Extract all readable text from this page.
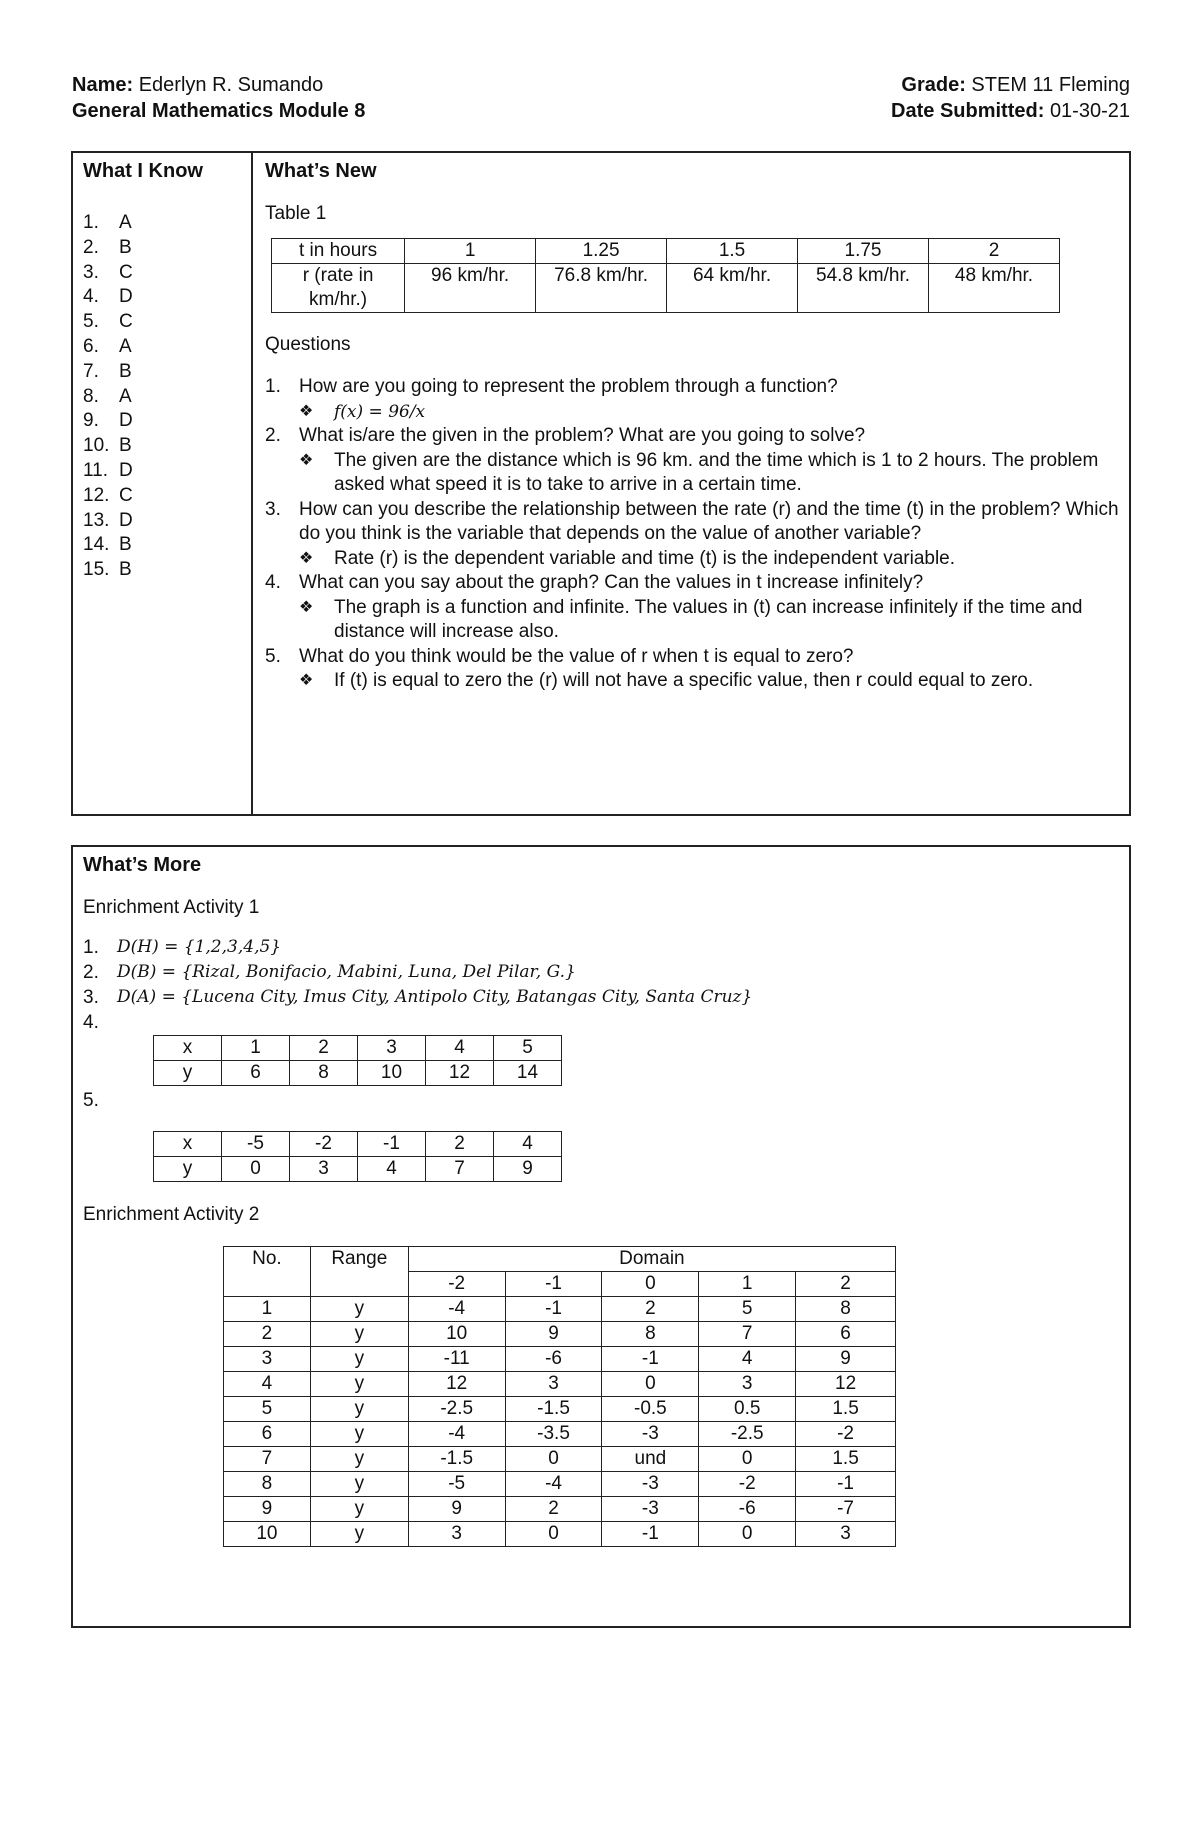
Name: Ederlyn R. Sumando	Grade: STEM 11 Fleming
General Mathematics Module 8	Date Submitted: 01-30-21
What I Know
1.	A
2.	B
3.	C
4.	D
5.	C
6.	A
7.	B
8.	A
9.	D
10. B
11. D
12. C
13. D
14. B
15. B
What’s New
Table 1
t in hours	1	1.25	1.5	1.75	2
r (rate in km/hr.)	96 km/hr.	76.8 km/hr.	64 km/hr.	54.8 km/hr.	48 km/hr.
Questions
1. How are you going to represent the problem through a function?
❖	f(x) = 96/x
2. What is/are the given in the problem? What are you going to solve?
❖	The given are the distance which is 96 km. and the time which is 1 to 2 hours. The problem asked what speed it is to take to arrive in a certain time.
3. How can you describe the relationship between the rate (r) and the time (t) in the problem? Which do you think is the variable that depends on the value of another variable?
❖	Rate (r) is the dependent variable and time (t) is the independent variable.
4. What can you say about the graph? Can the values in t increase infinitely?
❖	The graph is a function and infinite. The values in (t) can increase infinitely if the time and distance will increase also.
5. What do you think would be the value of r when t is equal to zero?
❖	If (t) is equal to zero the (r) will not have a specific value, then r could equal to zero.
What’s More
Enrichment Activity 1
1.	D(H) = {1,2,3,4,5}
2.	D(B) = {Rizal, Bonifacio, Mabini, Luna, Del Pilar, G.}
3.	D(A) = {Lucena City, Imus City, Antipolo City, Batangas City, Santa Cruz}
4.
x	1	2	3	4	5
y	6	8	10	12	14
5.
x	-5	-2	-1	2	4
y	0	3	4	7	9
Enrichment Activity 2
No.	Range	Domain				
		-2	-1	0	1	2
1	y	-4	-1	2	5	8
2	y	10	9	8	7	6
3	y	-11	-6	-1	4	9
4	y	12	3	0	3	12
5	y	-2.5	-1.5	-0.5	0.5	1.5
6	y	-4	-3.5	-3	-2.5	-2
7	y	-1.5	0	und	0	1.5
8	y	-5	-4	-3	-2	-1
9	y	9	2	-3	-6	-7
10	y	3	0	-1	0	3
